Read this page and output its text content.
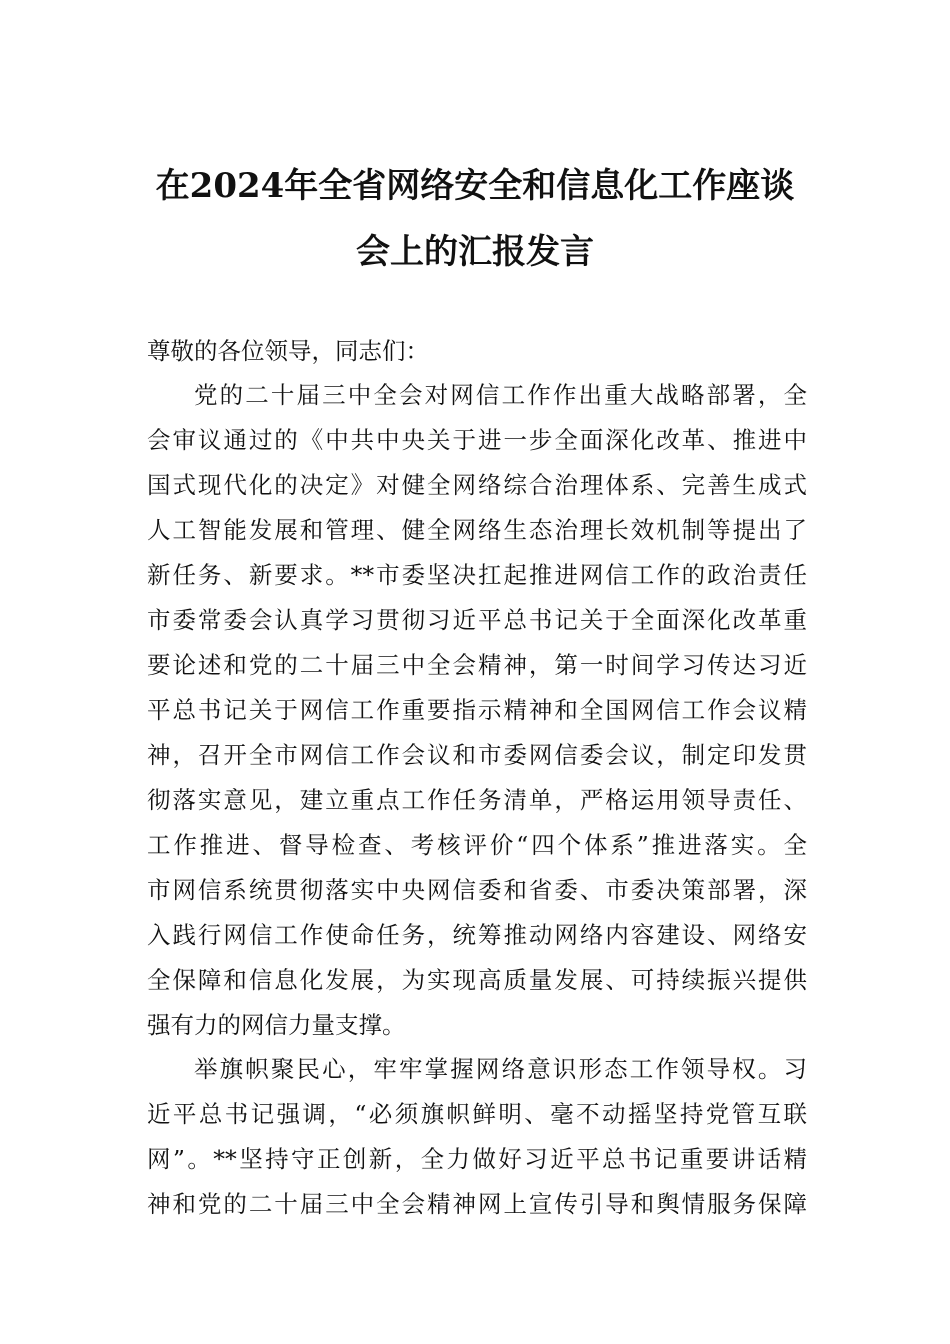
在2024年全省网络安全和信息化工作座谈
会上的汇报发言
尊敬的各位领导，同志们：
党的二十届三中全会对网信工作作出重大战略部署，全
会审议通过的《中共中央关于进一步全面深化改革、推进中
国式现代化的决定》对健全网络综合治理体系、完善生成式
人工智能发展和管理、健全网络生态治理长效机制等提出了
新任务、新要求。**市委坚决扛起推进网信工作的政治责任
市委常委会认真学习贯彻习近平总书记关于全面深化改革重
要论述和党的二十届三中全会精神，第一时间学习传达习近
平总书记关于网信工作重要指示精神和全国网信工作会议精
神，召开全市网信工作会议和市委网信委会议，制定印发贯
彻落实意见，建立重点工作任务清单，严格运用领导责任、
工作推进、督导检查、考核评价“四个体系”推进落实。全
市网信系统贯彻落实中央网信委和省委、市委决策部署，深
入践行网信工作使命任务，统筹推动网络内容建设、网络安
全保障和信息化发展，为实现高质量发展、可持续振兴提供
强有力的网信力量支撑。
举旗帜聚民心，牢牢掌握网络意识形态工作领导权。习
近平总书记强调，“必须旗帜鲜明、毫不动摇坚持党管互联
网”。**坚持守正创新，全力做好习近平总书记重要讲话精
神和党的二十届三中全会精神网上宣传引导和舆情服务保障
